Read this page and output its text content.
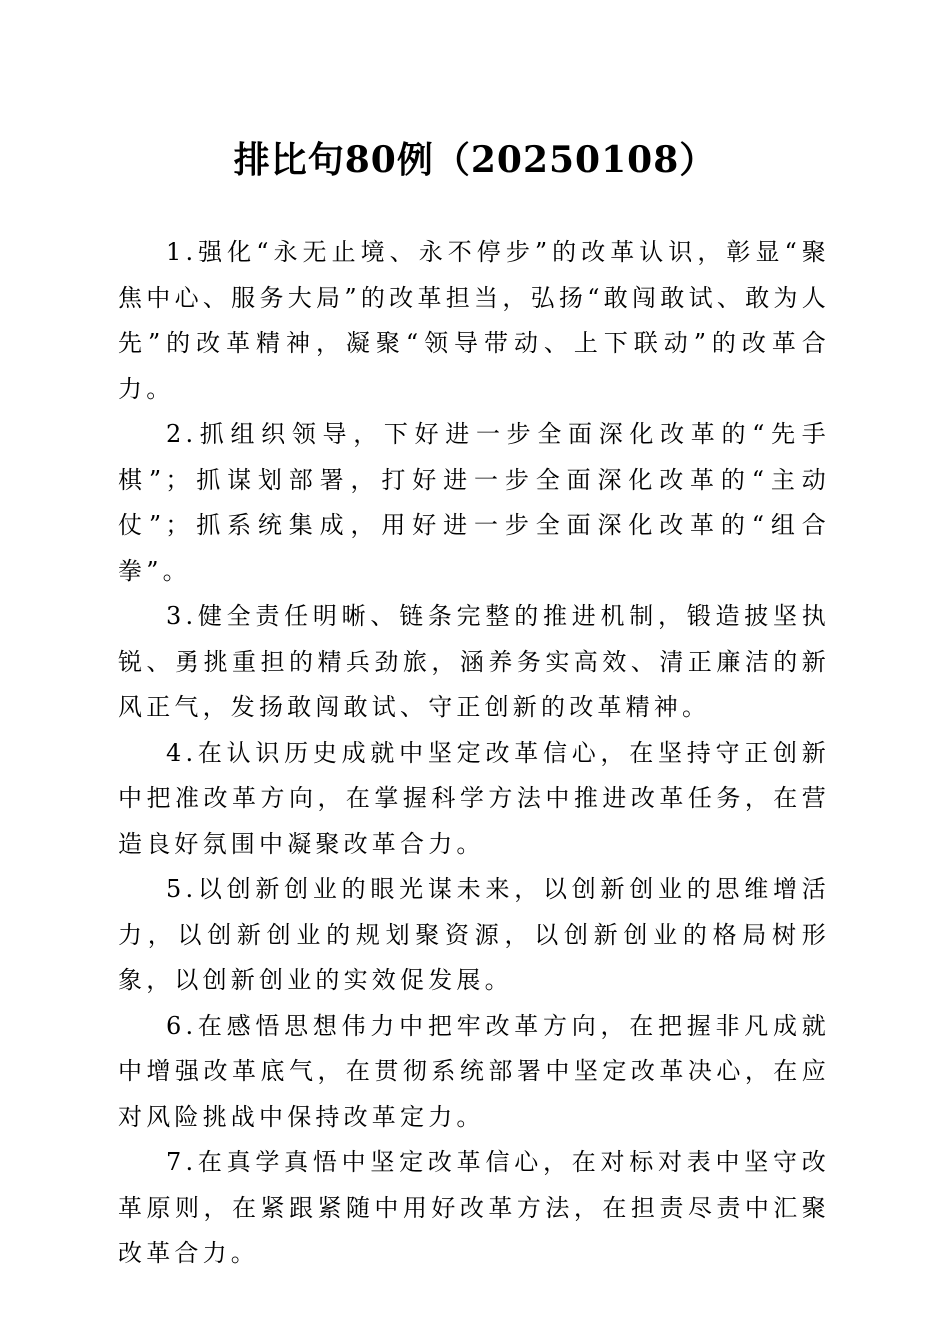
排比句80例（20250108）

1.强化“永无止境、永不停步”的改革认识，彰显“聚焦中心、服务大局”的改革担当，弘扬“敢闯敢试、敢为人先”的改革精神，凝聚“领导带动、上下联动”的改革合力。

2.抓组织领导，下好进一步全面深化改革的“先手棋”；抓谋划部署，打好进一步全面深化改革的“主动仗”；抓系统集成，用好进一步全面深化改革的“组合拳”。

3.健全责任明晰、链条完整的推进机制，锻造披坚执锐、勇挑重担的精兵劲旅，涵养务实高效、清正廉洁的新风正气，发扬敢闯敢试、守正创新的改革精神。

4.在认识历史成就中坚定改革信心，在坚持守正创新中把准改革方向，在掌握科学方法中推进改革任务，在营造良好氛围中凝聚改革合力。

5.以创新创业的眼光谋未来，以创新创业的思维增活力，以创新创业的规划聚资源，以创新创业的格局树形象，以创新创业的实效促发展。

6.在感悟思想伟力中把牢改革方向，在把握非凡成就中增强改革底气，在贯彻系统部署中坚定改革决心，在应对风险挑战中保持改革定力。

7.在真学真悟中坚定改革信心，在对标对表中坚守改革原则，在紧跟紧随中用好改革方法，在担责尽责中汇聚改革合力。
